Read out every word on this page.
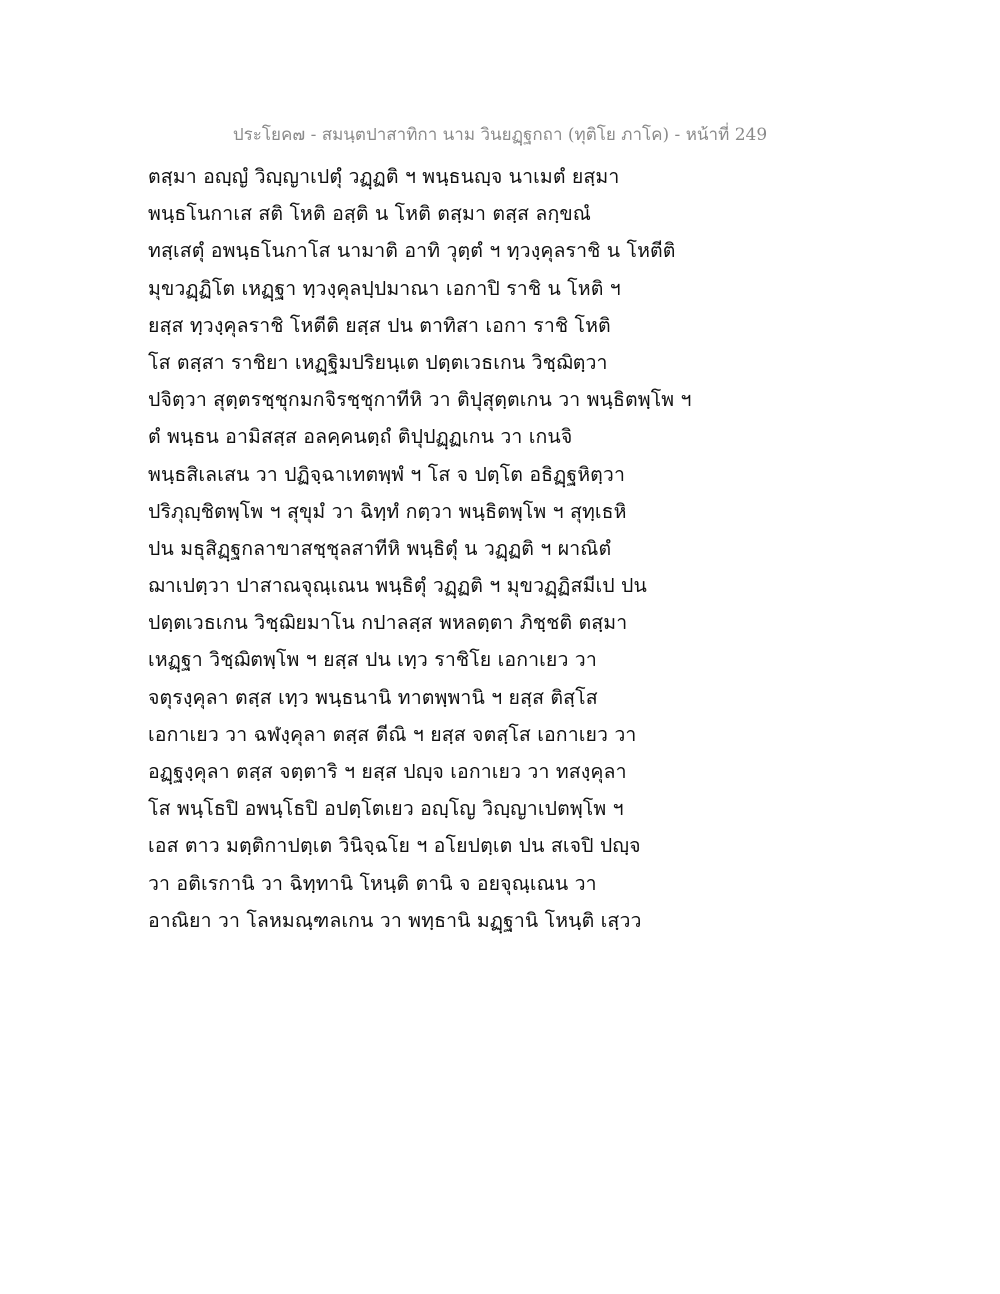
ประโยค๗ - สมนฺตปาสาทิกา นาม วินยฏฺฐกถา (ทุติโย ภาโค) - หน้าที่ 249
ตสฺมา อญฺญํ วิญฺญาเปตุํ วฏฺฏติ ฯ พนฺธนญฺจ นาเมตํ ยสฺมา
พนฺธโนกาเส สติ โหติ อสฺติ น โหติ ตสฺมา ตสฺส ลกฺขณํ
ทสฺเสตุํ อพนฺธโนกาโส นามาติ อาทิ วุตฺตํ ฯ ทฺวงฺคุลราชิ น โหตีติ
มุขวฏฺฏิโต เหฏฺฐา ทฺวงฺคุลปฺปมาณา เอกาปิ ราชิ น โหติ ฯ
ยสฺส ทฺวงฺคุลราชิ โหตีติ ยสฺส ปน ตาทิสา เอกา ราชิ โหติ
โส ตสฺสา ราชิยา เหฏฺฐิมปริยนฺเต ปตฺตเวธเกน วิชฺฌิตฺวา
ปจิตฺวา สุตฺตรชฺชุกมกจิรชฺชุกาทีหิ วา ติปุสุตฺตเกน วา พนฺธิตพฺโพ ฯ
ตํ พนฺธน อามิสสฺส อลคฺคนตฺถํ ติปุปฏฺฏเกน วา เกนจิ
พนฺธสิเลเสน วา ปฏิจฺฉาเทตพฺพํ ฯ โส จ ปตฺโต อธิฏฺฐหิตฺวา
ปริภุญฺชิตพฺโพ ฯ สุขุมํ วา ฉิทฺทํ กตฺวา พนฺธิตพฺโพ ฯ สุทฺเธหิ
ปน มธุสิฏฺฐกลาขาสชฺชุลสาทีหิ พนฺธิตุํ น วฏฺฏติ ฯ ผาณิตํ
ฌาเปตฺวา ปาสาณจุณฺเณน พนฺธิตุํ วฏฺฏติ ฯ มุขวฏฺฏิสมีเป ปน
ปตฺตเวธเกน วิชฺฌิยมาโน กปาลสฺส พหลตฺตา ภิชฺชติ ตสฺมา
เหฏฺฐา วิชฺฌิตพฺโพ ฯ ยสฺส ปน เทฺว ราชิโย เอกาเยว วา
จตุรงฺคุลา ตสฺส เทฺว พนฺธนานิ ทาตพฺพานิ ฯ ยสฺส ติสฺโส
เอกาเยว วา ฉฬงฺคุลา ตสฺส ตีณิ ฯ ยสฺส จตสฺโส เอกาเยว วา
อฏฺฐงฺคุลา ตสฺส จตฺตาริ ฯ ยสฺส ปญฺจ เอกาเยว วา ทสงฺคุลา
โส พนฺโธปิ อพนฺโธปิ อปตฺโตเยว อญฺโญ วิญฺญาเปตพฺโพ ฯ
เอส ตาว มตฺติกาปตฺเต วินิจฺฉโย ฯ อโยปตฺเต ปน สเจปิ ปญฺจ
วา อติเรกานิ วา ฉิทฺทานิ โหนฺติ ตานิ จ อยจุณฺเณน วา
อาณิยา วา โลหมณฺฑลเกน วา พทฺธานิ มฏฺฐานิ โหนฺติ เสฺวว
